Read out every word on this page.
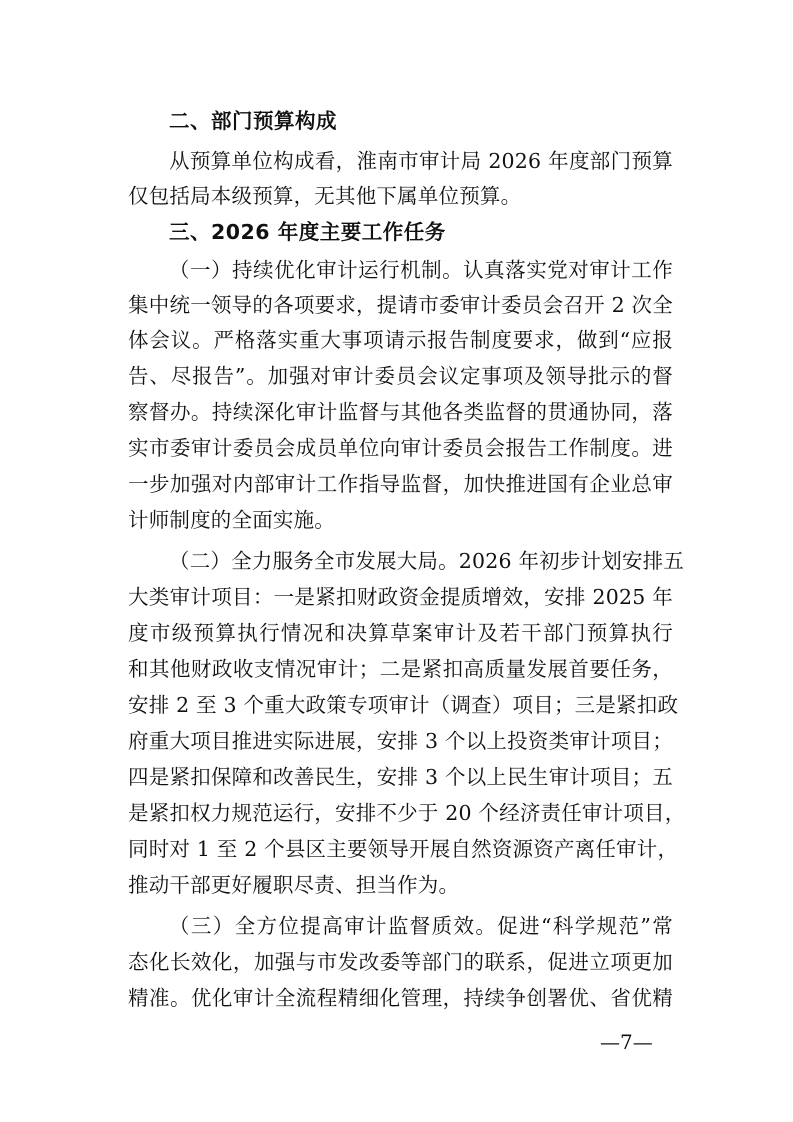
二、部门预算构成
从预算单位构成看，淮南市审计局 2026 年度部门预算
仅包括局本级预算，无其他下属单位预算。
三、2026 年度主要工作任务
（一）持续优化审计运行机制。认真落实党对审计工作
集中统一领导的各项要求，提请市委审计委员会召开 2 次全
体会议。严格落实重大事项请示报告制度要求，做到“应报
告、尽报告”。加强对审计委员会议定事项及领导批示的督
察督办。持续深化审计监督与其他各类监督的贯通协同，落
实市委审计委员会成员单位向审计委员会报告工作制度。进
一步加强对内部审计工作指导监督，加快推进国有企业总审
计师制度的全面实施。
（二）全力服务全市发展大局。2026 年初步计划安排五
大类审计项目：一是紧扣财政资金提质增效，安排 2025 年
度市级预算执行情况和决算草案审计及若干部门预算执行
和其他财政收支情况审计；二是紧扣高质量发展首要任务，
安排 2 至 3 个重大政策专项审计（调查）项目；三是紧扣政
府重大项目推进实际进展，安排 3 个以上投资类审计项目；
四是紧扣保障和改善民生，安排 3 个以上民生审计项目；五
是紧扣权力规范运行，安排不少于 20 个经济责任审计项目，
同时对 1 至 2 个县区主要领导开展自然资源资产离任审计，
推动干部更好履职尽责、担当作为。
（三）全方位提高审计监督质效。促进“科学规范”常
态化长效化，加强与市发改委等部门的联系，促进立项更加
精准。优化审计全流程精细化管理，持续争创署优、省优精
—7—
